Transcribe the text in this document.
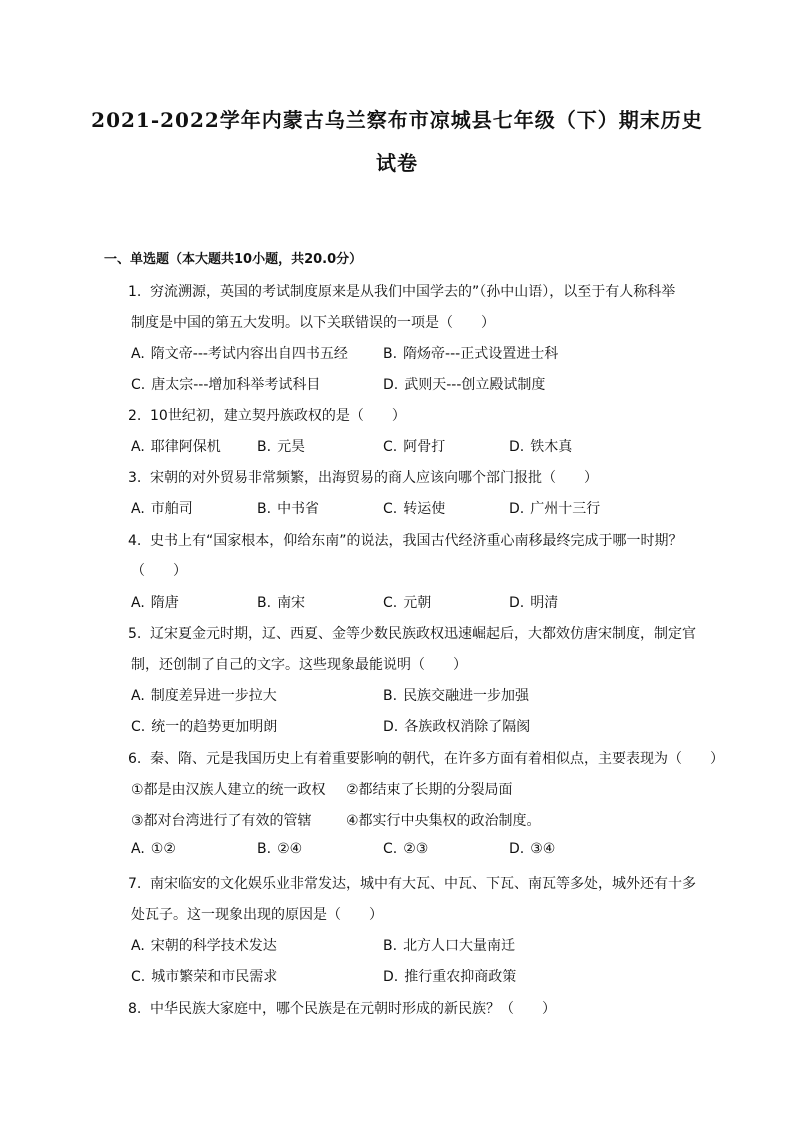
2021-2022学年内蒙古乌兰察布市凉城县七年级（下）期末历史
试卷
一、单选题（本大题共10小题，共20.0分）
1. 穷流溯源，英国的考试制度原来是从我们中国学去的”（孙中山语），以至于有人称科举
制度是中国的第五大发明。以下关联错误的一项是（　　）
A. 隋文帝---考试内容出自四书五经	B. 隋炀帝---正式设置进士科
C. 唐太宗---增加科举考试科目	D. 武则天---创立殿试制度
2. 10世纪初，建立契丹族政权的是（　　）
A. 耶律阿保机	B. 元昊	C. 阿骨打	D. 铁木真
3. 宋朝的对外贸易非常频繁，出海贸易的商人应该向哪个部门报批（　　）
A. 市舶司	B. 中书省	C. 转运使	D. 广州十三行
4. 史书上有“国家根本，仰给东南”的说法，我国古代经济重心南移最终完成于哪一时期？
（　　）
A. 隋唐	B. 南宋	C. 元朝	D. 明清
5. 辽宋夏金元时期，辽、西夏、金等少数民族政权迅速崛起后，大都效仿唐宋制度，制定官
制，还创制了自己的文字。这些现象最能说明（　　）
A. 制度差异进一步拉大	B. 民族交融进一步加强
C. 统一的趋势更加明朗	D. 各族政权消除了隔阂
6. 秦、隋、元是我国历史上有着重要影响的朝代，在许多方面有着相似点，主要表现为（　　）
①都是由汉族人建立的统一政权 ②都结束了长期的分裂局面
③都对台湾进行了有效的管辖 ④都实行中央集权的政治制度。
A. ①②	B. ②④	C. ②③	D. ③④
7. 南宋临安的文化娱乐业非常发达，城中有大瓦、中瓦、下瓦、南瓦等多处，城外还有十多
处瓦子。这一现象出现的原因是（　　）
A. 宋朝的科学技术发达	B. 北方人口大量南迁
C. 城市繁荣和市民需求	D. 推行重农抑商政策
8. 中华民族大家庭中，哪个民族是在元朝时形成的新民族？（　　）
